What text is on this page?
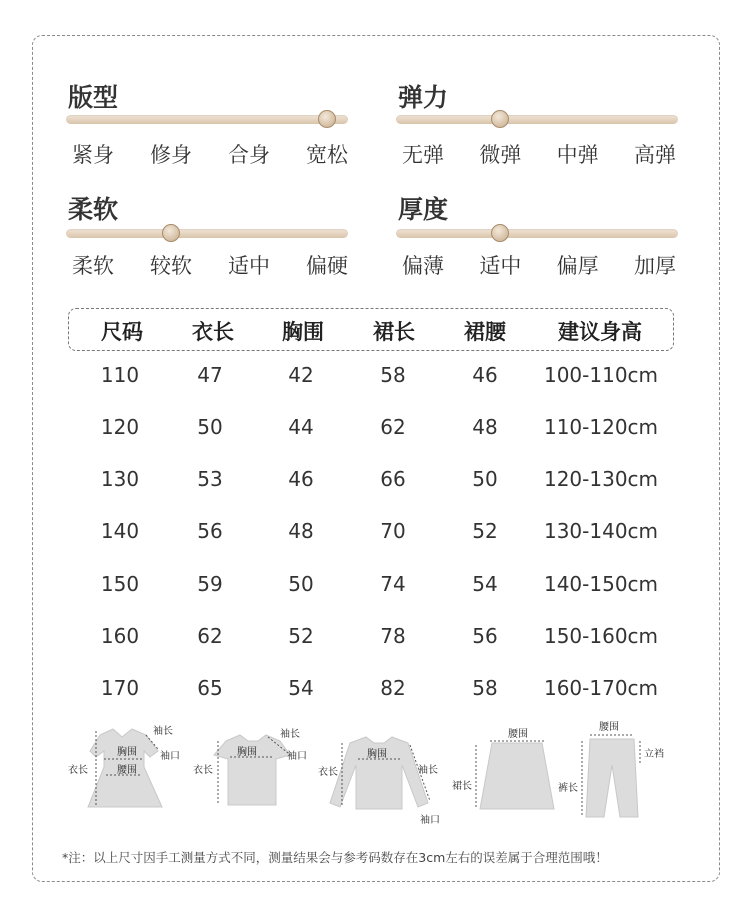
版型
紧身 修身 合身 宽松
弹力
无弹 微弹 中弹 高弹
柔软
柔软 较软 适中 偏硬
厚度
偏薄 适中 偏厚 加厚
尺码 衣长 胸围 裙长 裙腰 建议身高
110	47	42	58	46 100-110cm
120	50	44	62	48 110-120cm
130	53	46	66	50 120-130cm
140	56	48	70	52 130-140cm
150	59	50	74	54 140-150cm
160	62	52	78	56 150-160cm
170	65	54	82	58 160-170cm
胸围
腰围
袖长
袖口
衣长
胸围
袖长
袖口
衣长
胸围
衣长	袖长
袖口
腰围
裙长
腰围
立裆
裤长
*注：以上尺寸因手工测量方式不同，测量结果会与参考码数存在3cm左右的误差属于合理范围哦！
